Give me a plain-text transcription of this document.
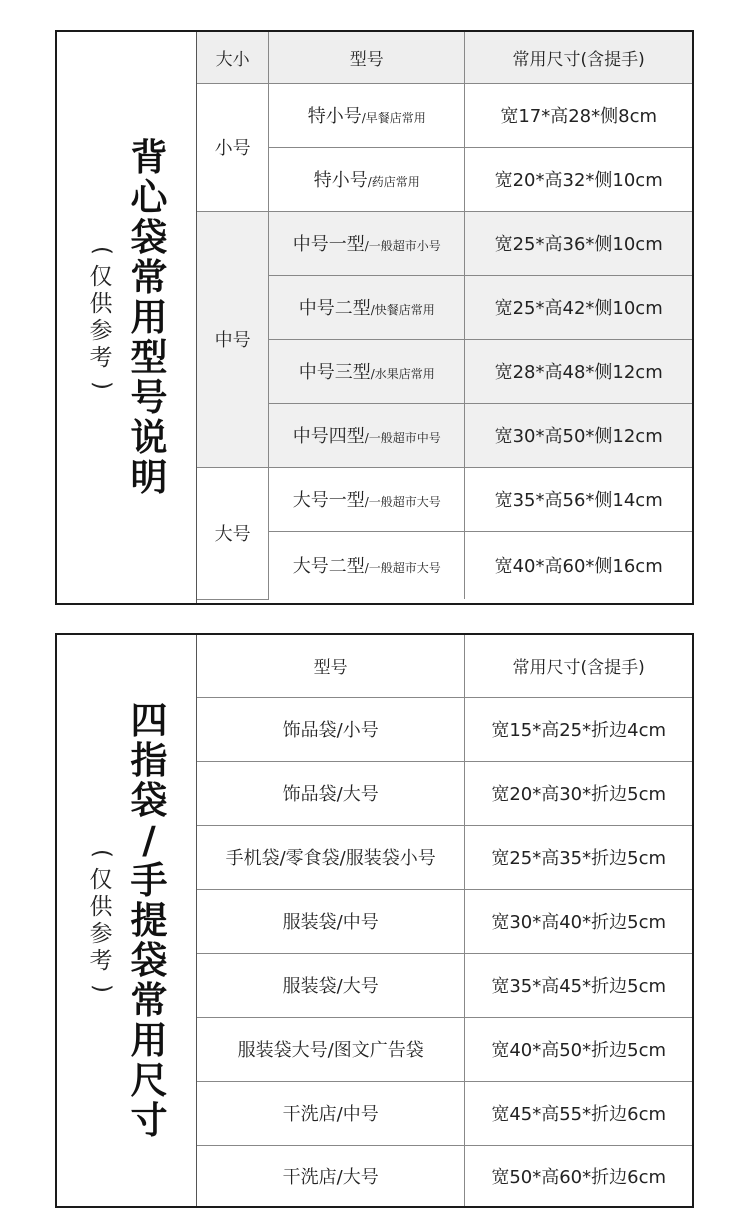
背
心
袋
常
用
型
号
说
明
(
仅
供
参
考
)
大小	型号	常用尺寸(含提手)
小号	特小号/早餐店常用	宽17*高28*侧8cm
	特小号/药店常用	宽20*高32*侧10cm
中号	中号一型/一般超市小号	宽25*高36*侧10cm
	中号二型/快餐店常用	宽25*高42*侧10cm
	中号三型/水果店常用	宽28*高48*侧12cm
	中号四型/一般超市中号	宽30*高50*侧12cm
大号	大号一型/一般超市大号	宽35*高56*侧14cm
	大号二型/一般超市大号	宽40*高60*侧16cm
四
指
袋
/
手
提
袋
常
用
尺
寸
(
仅
供
参
考
)
型号	常用尺寸(含提手)
饰品袋/小号	宽15*高25*折边4cm
饰品袋/大号	宽20*高30*折边5cm
手机袋/零食袋/服装袋小号	宽25*高35*折边5cm
服装袋/中号	宽30*高40*折边5cm
服装袋/大号	宽35*高45*折边5cm
服装袋大号/图文广告袋	宽40*高50*折边5cm
干洗店/中号	宽45*高55*折边6cm
干洗店/大号	宽50*高60*折边6cm
